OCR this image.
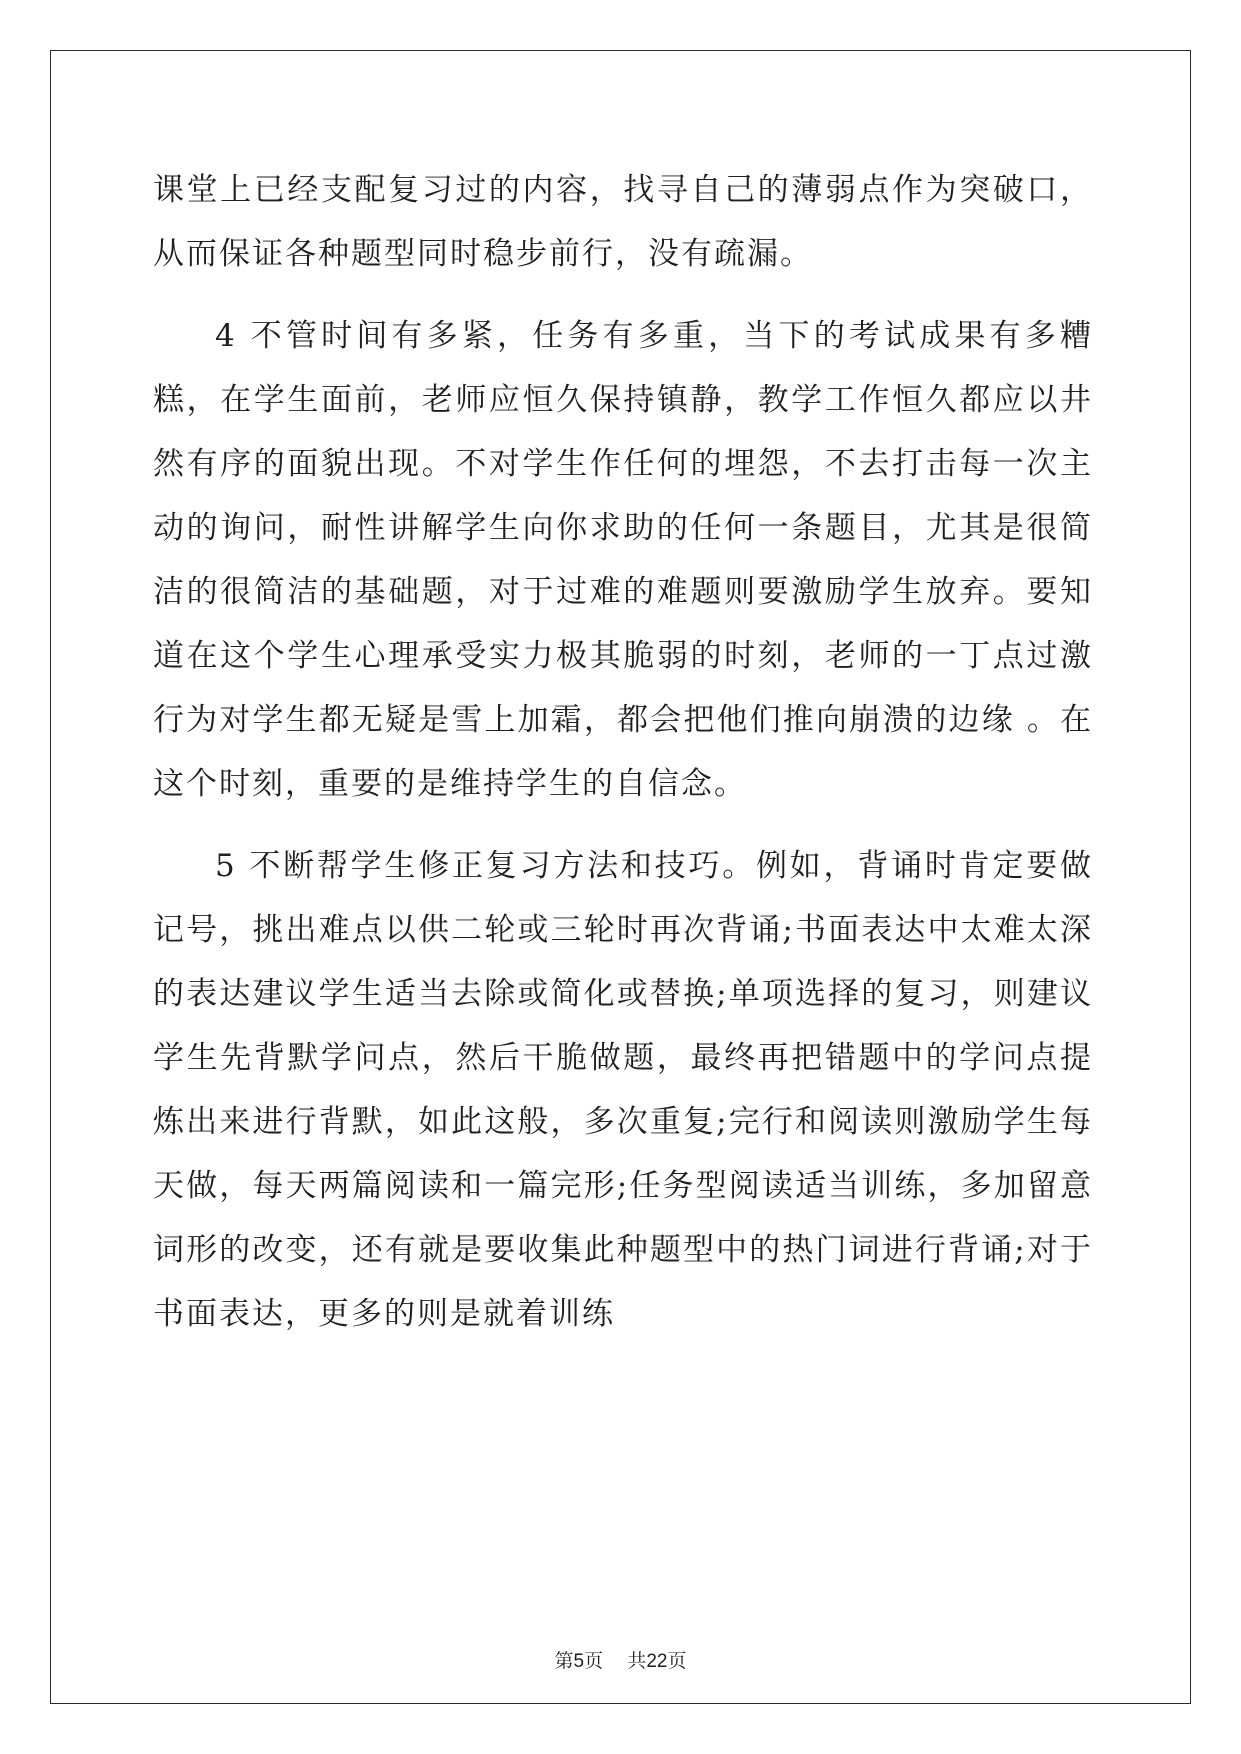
课堂上已经支配复习过的内容，找寻自己的薄弱点作为突破口，从而保证各种题型同时稳步前行，没有疏漏。

4 不管时间有多紧，任务有多重，当下的考试成果有多糟糕，在学生面前，老师应恒久保持镇静，教学工作恒久都应以井然有序的面貌出现。不对学生作任何的埋怨，不去打击每一次主动的询问，耐性讲解学生向你求助的任何一条题目，尤其是很简洁的很简洁的基础题，对于过难的难题则要激励学生放弃。要知道在这个学生心理承受实力极其脆弱的时刻，老师的一丁点过激行为对学生都无疑是雪上加霜，都会把他们推向崩溃的边缘 。在这个时刻，重要的是维持学生的自信念。

5 不断帮学生修正复习方法和技巧。例如，背诵时肯定要做记号，挑出难点以供二轮或三轮时再次背诵;书面表达中太难太深的表达建议学生适当去除或简化或替换;单项选择的复习，则建议学生先背默学问点，然后干脆做题，最终再把错题中的学问点提炼出来进行背默，如此这般，多次重复;完行和阅读则激励学生每天做，每天两篇阅读和一篇完形;任务型阅读适当训练，多加留意词形的改变，还有就是要收集此种题型中的热门词进行背诵;对于书面表达，更多的则是就着训练

第5页 共22页
